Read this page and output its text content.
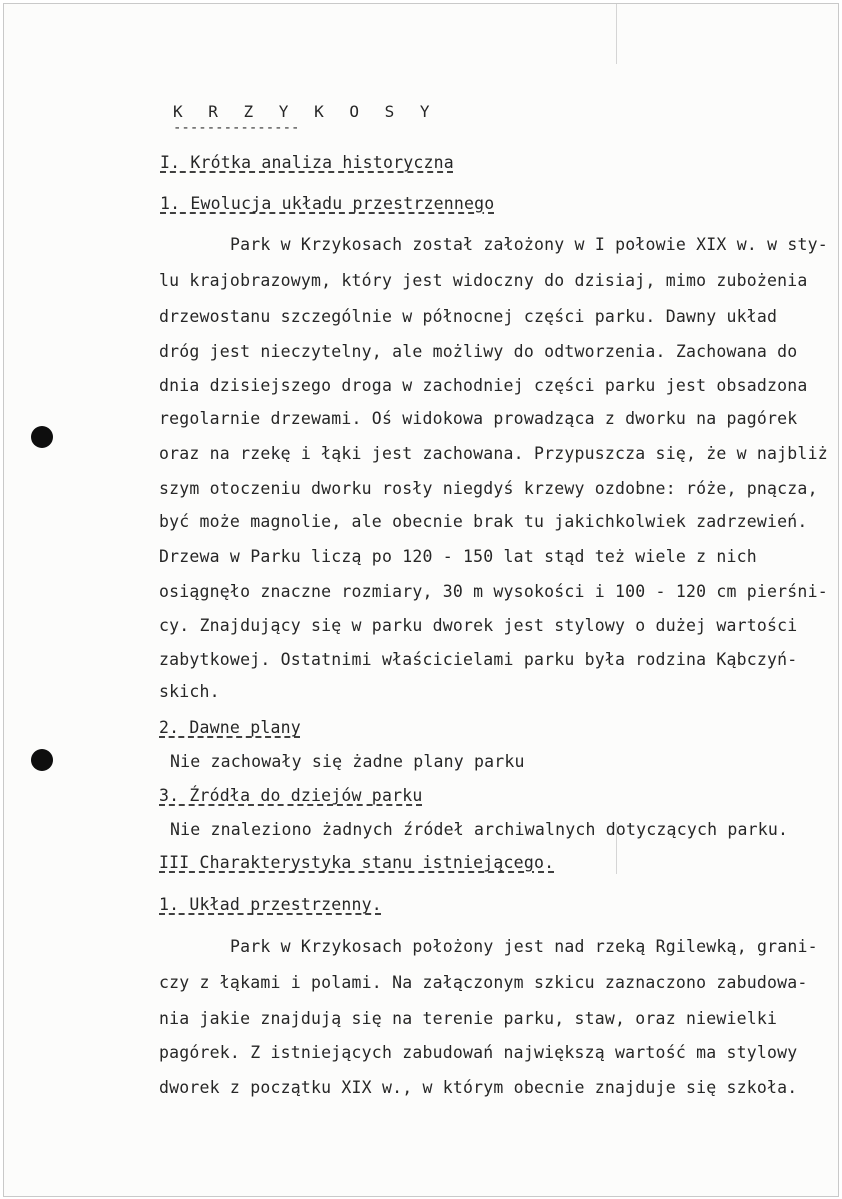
K R Z Y K O S Y
---------------
I. Krótka analiza historyczna
1. Ewolucja układu przestrzennego
Park w Krzykosach został założony w I połowie XIX w. w sty-
lu krajobrazowym, który jest widoczny do dzisiaj, mimo zubożenia
drzewostanu szczególnie w północnej części parku. Dawny układ
dróg jest nieczytelny, ale możliwy do odtworzenia. Zachowana do
dnia dzisiejszego droga w zachodniej części parku jest obsadzona
regolarnie drzewami. Oś widokowa prowadząca z dworku na pagórek
oraz na rzekę i łąki jest zachowana. Przypuszcza się, że w najbliż
szym otoczeniu dworku rosły niegdyś krzewy ozdobne: róże, pnącza,
być może magnolie, ale obecnie brak tu jakichkolwiek zadrzewień.
Drzewa w Parku liczą po 120 - 150 lat stąd też wiele z nich
osiągnęło znaczne rozmiary, 30 m wysokości i 100 - 120 cm pierśni-
cy. Znajdujący się w parku dworek jest stylowy o dużej wartości
zabytkowej. Ostatnimi właścicielami parku była rodzina Kąbczyń-
skich.
2. Dawne plany
Nie zachowały się żadne plany parku
3. Źródła do dziejów parku
Nie znaleziono żadnych źródeł archiwalnych dotyczących parku.
III Charakterystyka stanu istniejącego.
1. Układ przestrzenny.
Park w Krzykosach położony jest nad rzeką Rgilewką, grani-
czy z łąkami i polami. Na załączonym szkicu zaznaczono zabudowa-
nia jakie znajdują się na terenie parku, staw, oraz niewielki
pagórek. Z istniejących zabudowań największą wartość ma stylowy
dworek z początku XIX w., w którym obecnie znajduje się szkoła.
